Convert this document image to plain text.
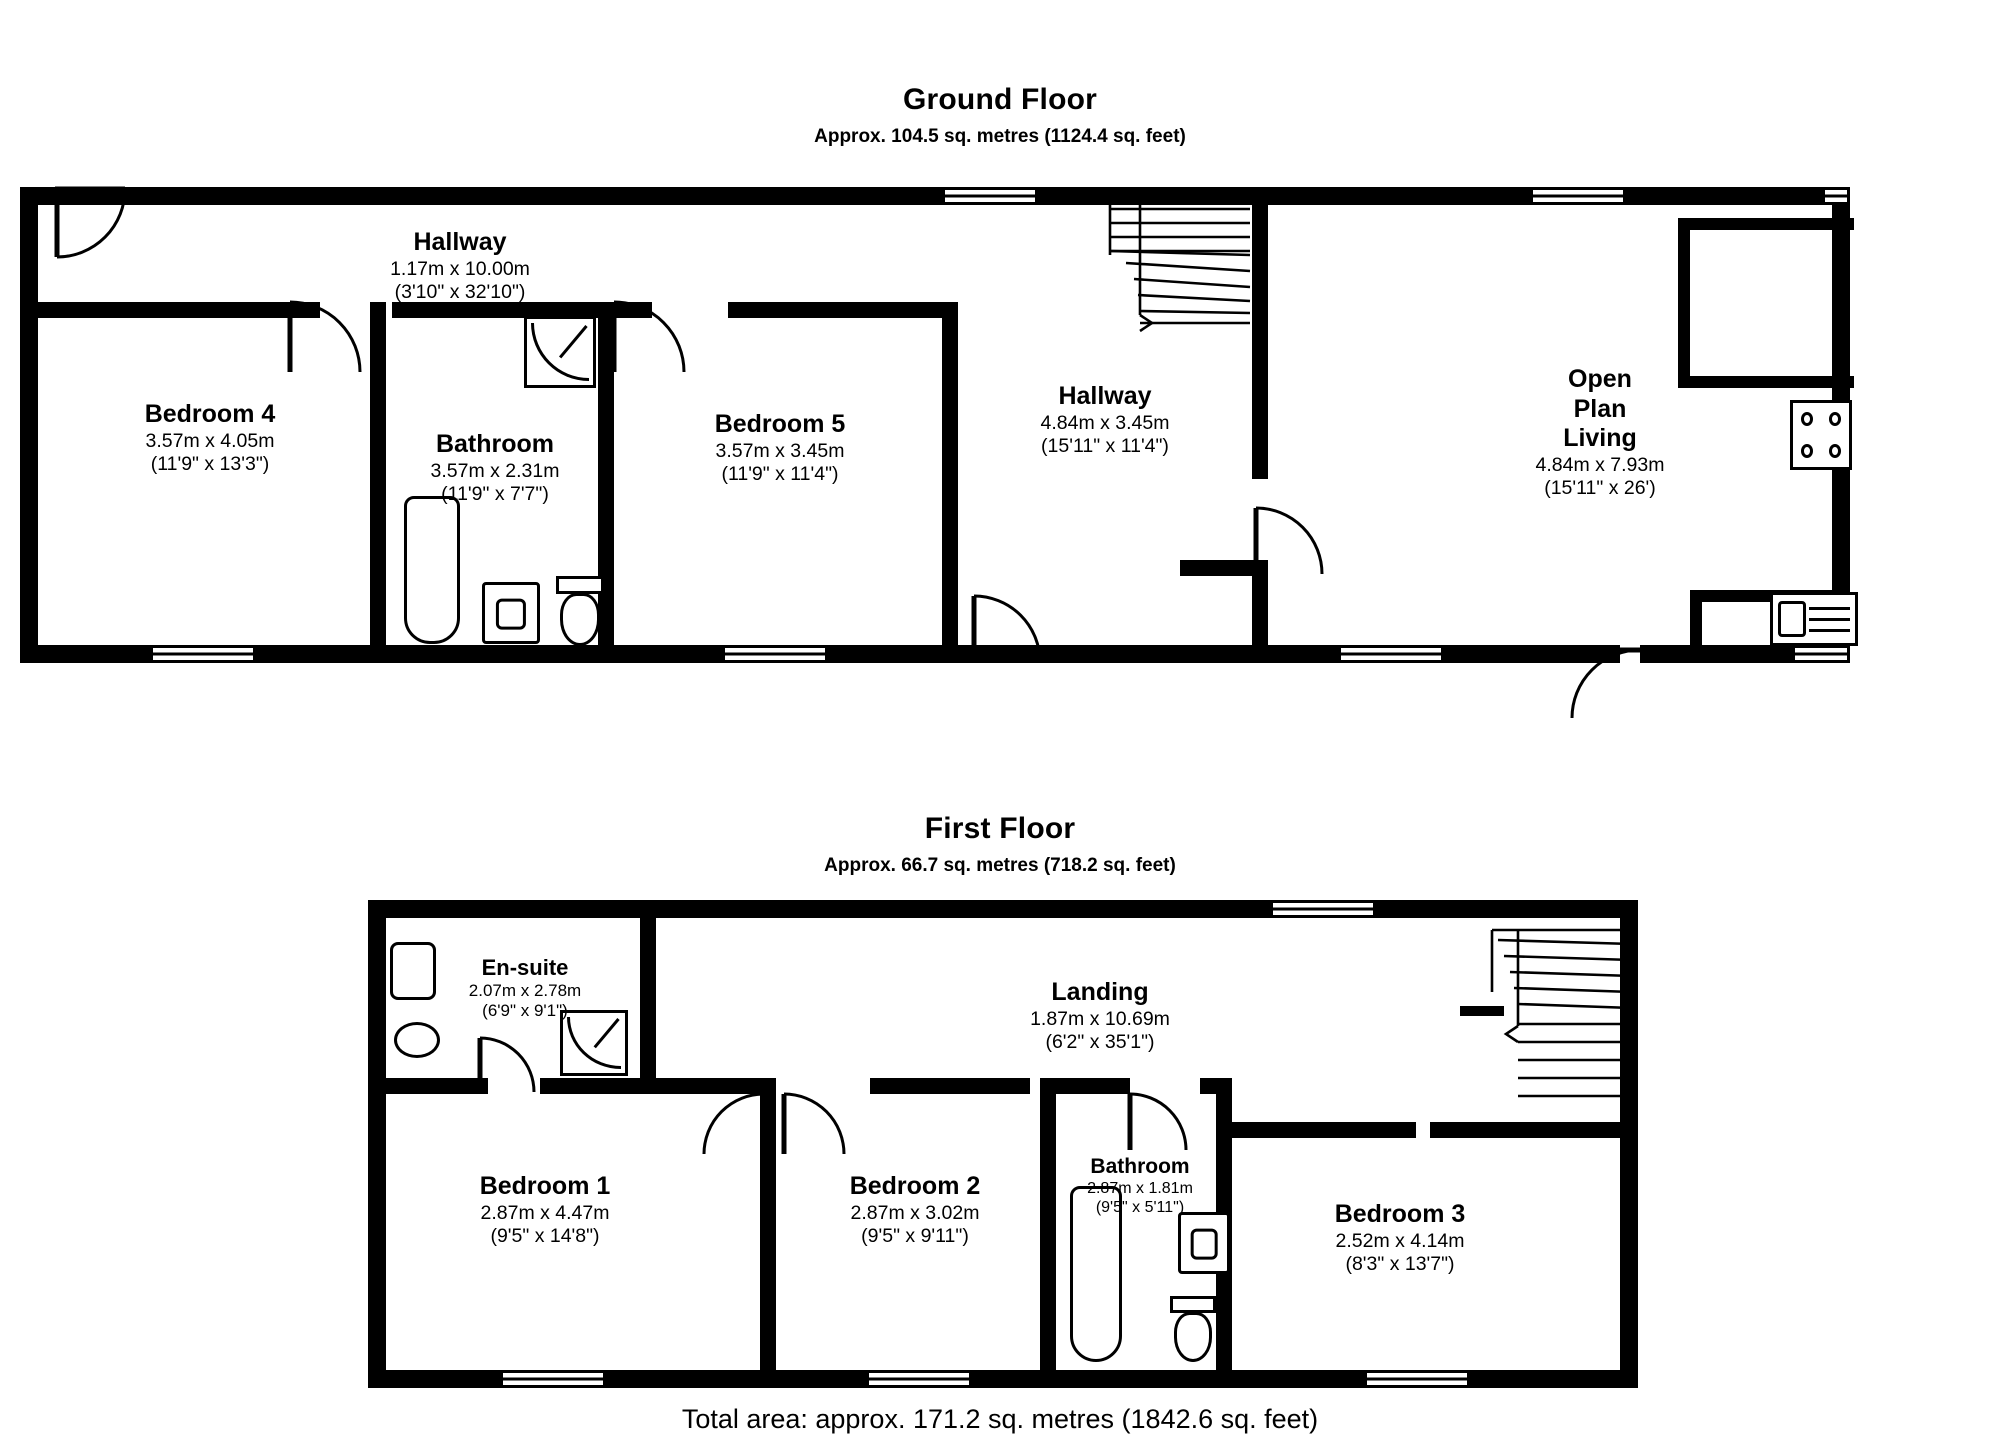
Ground Floor
Approx. 104.5 sq. metres (1124.4 sq. feet)
Hallway
1.17m x 10.00m
(3'10" x 32'10")
Bedroom 4
3.57m x 4.05m
(11'9" x 13'3")
Bathroom
3.57m x 2.31m
(11'9" x 7'7")
Bedroom 5
3.57m x 3.45m
(11'9" x 11'4")
Hallway
4.84m x 3.45m
(15'11" x 11'4")
Open
Plan
Living
4.84m x 7.93m
(15'11" x 26')
First Floor
Approx. 66.7 sq. metres (718.2 sq. feet)
En-suite
2.07m x 2.78m
(6'9" x 9'1")
Landing
1.87m x 10.69m
(6'2" x 35'1")
Bedroom 1
2.87m x 4.47m
(9'5" x 14'8")
Bedroom 2
2.87m x 3.02m
(9'5" x 9'11")
Bathroom
2.87m x 1.81m
(9'5" x 5'11")	Bedroom 3
2.52m x 4.14m
(8'3" x 13'7")
Total area: approx. 171.2 sq. metres (1842.6 sq. feet)
